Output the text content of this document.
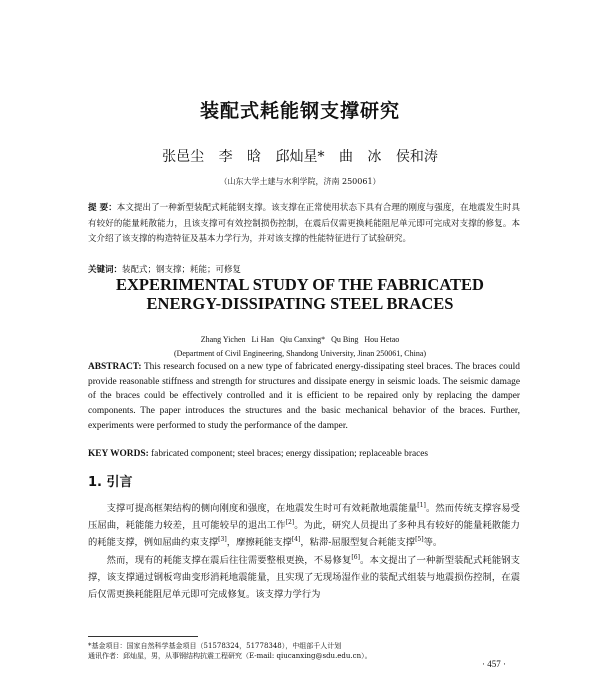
装配式耗能钢支撑研究
张邑尘 李 晗 邱灿星* 曲 冰 侯和涛
（山东大学土建与水利学院，济南 250061）
提 要：本文提出了一种新型装配式耗能钢支撑。该支撑在正常使用状态下具有合理的刚度与强度，在地震发生时具有较好的能量耗散能力，且该支撑可有效控制损伤控制，在震后仅需更换耗能阻尼单元即可完成对支撑的修复。本文介绍了该支撑的构造特征及基本力学行为，并对该支撑的性能特征进行了试验研究。
关键词：装配式；钢支撑；耗能；可修复
EXPERIMENTAL STUDY OF THE FABRICATED
ENERGY-DISSIPATING STEEL BRACES
Zhang Yichen   Li Han   Qiu Canxing*   Qu Bing   Hou Hetao
(Department of Civil Engineering, Shandong University, Jinan 250061, China)
ABSTRACT: This research focused on a new type of fabricated energy-dissipating steel braces. The braces could provide reasonable stiffness and strength for structures and dissipate energy in seismic loads. The seismic damage of the braces could be effectively controlled and it is efficient to be repaired only by replacing the damper components. The paper introduces the structures and the basic mechanical behavior of the braces. Further, experiments were performed to study the performance of the damper.
KEY WORDS: fabricated component; steel braces; energy dissipation; replaceable braces
1. 引言

支撑可提高框架结构的侧向刚度和强度，在地震发生时可有效耗散地震能量[1]。然而传统支撑容易受压屈曲，耗能能力较差，且可能较早的退出工作[2]。为此，研究人员提出了多种具有较好的能量耗散能力的耗能支撑，例如屈曲约束支撑[3]，摩擦耗能支撑[4]，粘滞-屈服型复合耗能支撑[5]等。

然而，现有的耗能支撑在震后往往需要整根更换，不易修复[6]。本文提出了一种新型装配式耗能钢支撑，该支撑通过钢板弯曲变形消耗地震能量，且实现了无现场湿作业的装配式组装与地震损伤控制，在震后仅需更换耗能阻尼单元即可完成修复。该支撑力学行为

*基金项目：国家自然科学基金项目（51578324，51778348），中组部千人计划
通讯作者：邱灿星，男，从事钢结构抗震工程研究（E-mail: qiucanxing@sdu.edu.cn）。
· 457 ·
